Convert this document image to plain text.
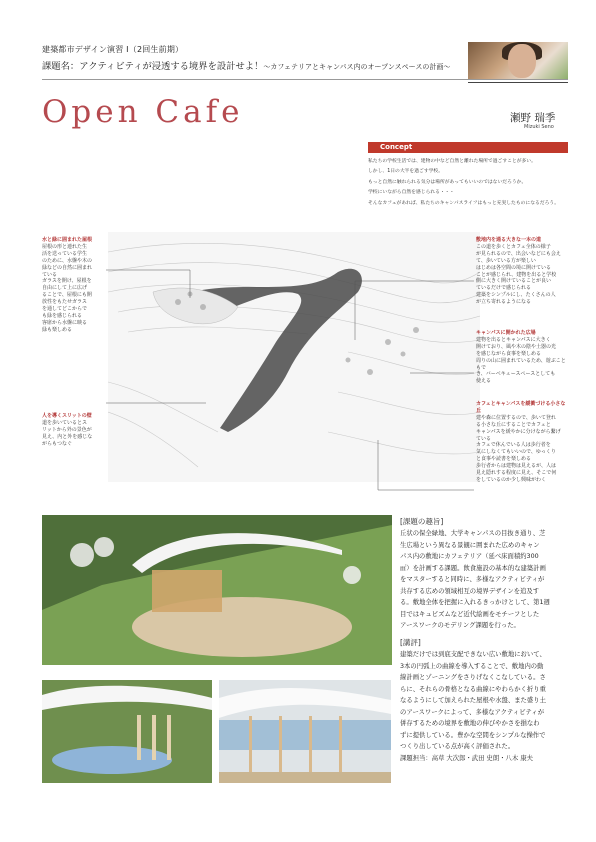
建築都市デザイン演習 I（2回生前期）
課題名：アクティビティが浸透する境界を設計せよ！〜カフェテリアとキャンパス内のオープンスペースの計画〜
Open Cafe	瀬野 瑞季
Mizuki Seno
Concept
私たちの学校生活では、建物の中など自然と離れた場所で過ごすことが多い。
しかし、1日の大半を過ごす学校。
もっと自然に触れられる気分は場所があってもいいのではないだろうか。
学校にいながら自然を感じられる・・・
そんなカフェがあれば、私たちのキャンパスライフはもっと充実したものになるだろう。
水と緑に囲まれた屋根
屋根の形と連れた生
活を送っている学生
のために、水盤や木の
緑などの自然に囲まれ
ている
ガラスを開け、屋根を
自由にして上に広げ
ることで、屋根にも開
放性をもたせガラス
を通してどこからで
も緑を感じられる
客席から水盤に映る
緑も楽しめる
人を導くスリットの壁
道を歩いているとス
リットから外の景色が
見え、内と外を感じな
がらもつなぐ
敷地内を通る大きな一本の道
この道を歩くとカフェ全体の様子
が見られるので、出会いなどにも会え
て、歩いている方が楽しい
はじめは各空間の境に開けている
ことが感じられ、建物を出ると学校
側に大きく開けていることが良い
ているだけで感じられる
建築をシンプルにし、たくさんの人
が立ち寄れるようになる
キャンパスに開かれた広場
建物を出るとキャンパスに大きく
開けており、風や木の陰や土器の光
を感じながら食事を楽しめる
周りの山に囲まれているため、遊ぶこともで
き、バーベキュースペースとしても
使える
カフェとキャンパスを緩衝づける小さな丘
建や森に位置するので、歩いて登れ
る小さな丘にすることでカフェと
キャンパスを緩やかに分けながら繋げ
ている
カフェで休んでいる人は歩行者を
気にしなくてもいいので、ゆっくり
と食事や読書を楽しめる
歩行者からは建物は見えるが、人は
見え隠れする程度に見え、そこで何
をしているのか少し興味がわく
[課題の趣旨]
丘状の保全緑地、大学キャンパスの目抜き通り、芝
生広場という異なる景観に囲まれた広めのキャン
パス内の敷地にカフェテリア（延べ床面積約300
㎡）を計画する課題。飲食施設の基本的な建築計画
をマスターすると同時に、多様なアクティビティが
共存する広めの領域相互の境界デザインを追及す
る。敷地全体を把握に入れるきっかけとして、第1週
目ではキュビズムなど近代絵画をモチーフとした
アースワークのモデリング課題を行った。
[講評]
建築だけでは到底支配できない広い敷地において、
3本の円弧上の曲線を導入することで、敷地内の動
線計画とゾーニングをさりげなくこなしている。さ
らに、それらの骨格となる曲線にやわらかく折り重
なるようにして加えられた屋根や水盤、また盛り土
のアースワークによって、多様なアクティビティが
併存するための境界を敷地の伸びやかさを損なわ
ずに提供している。豊かな空間をシンプルな操作で
つくり出している点が高く評価された。
課題担当：高草 大次郎・武田 史朗・八木 康夫
